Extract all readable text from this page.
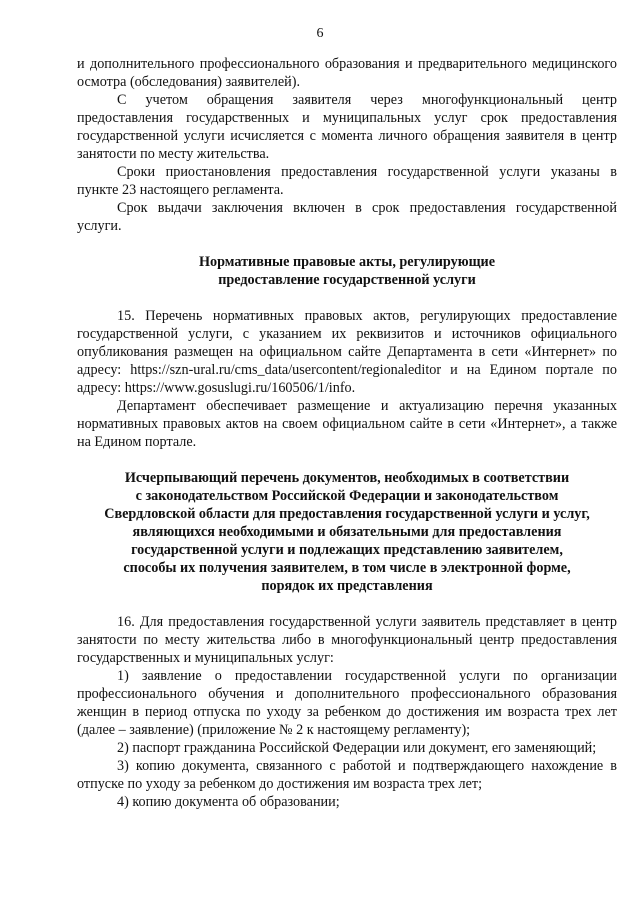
6

и дополнительного профессионального образования и предварительного медицинского осмотра (обследования) заявителей).

С учетом обращения заявителя через многофункциональный центр предоставления государственных и муниципальных услуг срок предоставления государственной услуги исчисляется с момента личного обращения заявителя в центр занятости по месту жительства.

Сроки приостановления предоставления государственной услуги указаны в пункте 23 настоящего регламента.

Срок выдачи заключения включен в срок предоставления государственной услуги.

Нормативные правовые акты, регулирующие
предоставление государственной услуги

15. Перечень нормативных правовых актов, регулирующих предоставление государственной услуги, с указанием их реквизитов и источников официального опубликования размещен на официальном сайте Департамента в сети «Интернет» по адресу: https://szn-ural.ru/cms_data/usercontent/regionaleditor и на Едином портале по адресу: https://www.gosuslugi.ru/160506/1/info.

Департамент обеспечивает размещение и актуализацию перечня указанных нормативных правовых актов на своем официальном сайте в сети «Интернет», а также на Едином портале.

Исчерпывающий перечень документов, необходимых в соответствии
с законодательством Российской Федерации и законодательством
Свердловской области для предоставления государственной услуги и услуг,
являющихся необходимыми и обязательными для предоставления
государственной услуги и подлежащих представлению заявителем,
способы их получения заявителем, в том числе в электронной форме,
порядок их представления

16. Для предоставления государственной услуги заявитель представляет в центр занятости по месту жительства либо в многофункциональный центр предоставления государственных и муниципальных услуг:

1) заявление о предоставлении государственной услуги по организации профессионального обучения и дополнительного профессионального образования женщин в период отпуска по уходу за ребенком до достижения им возраста трех лет (далее – заявление) (приложение № 2 к настоящему регламенту);

2) паспорт гражданина Российской Федерации или документ, его заменяющий;

3) копию документа, связанного с работой и подтверждающего нахождение в отпуске по уходу за ребенком до достижения им возраста трех лет;

4) копию документа об образовании;
